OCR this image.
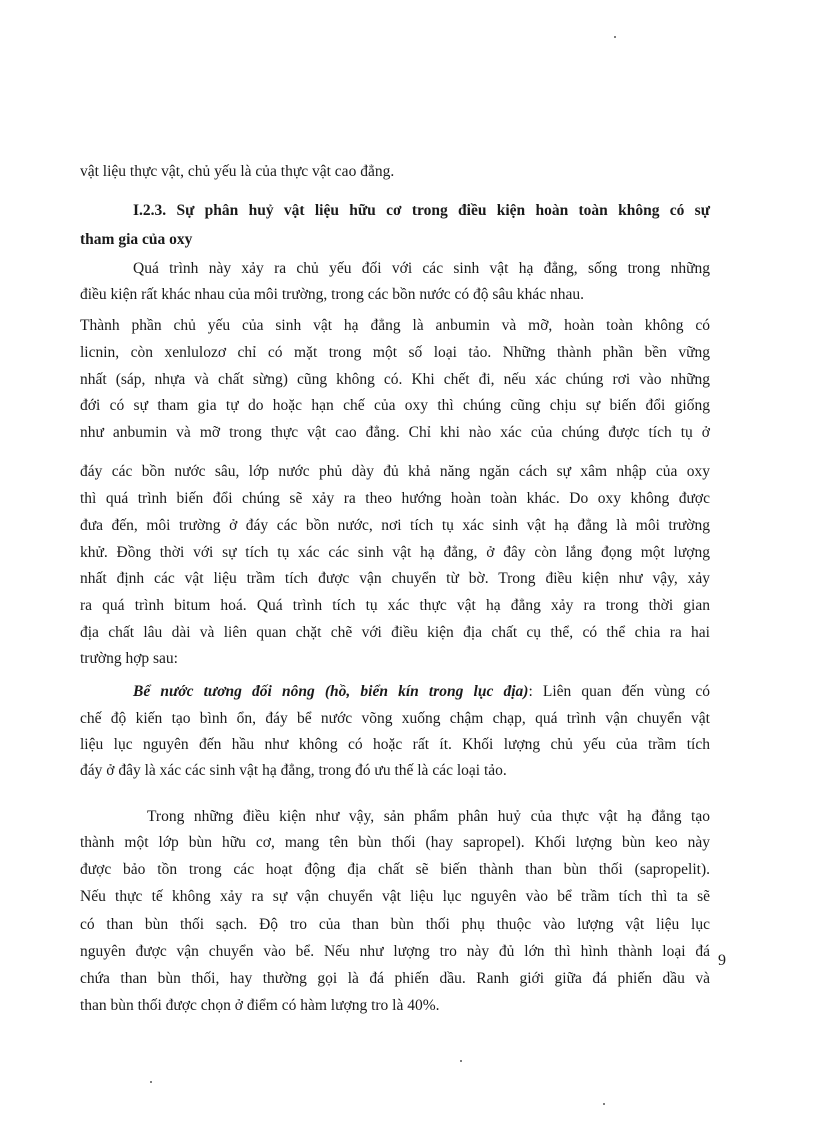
vật liệu thực vật, chủ yếu là của thực vật cao đẳng.

I.2.3. Sự phân huỷ vật liệu hữu cơ trong điều kiện hoàn toàn không có sự

tham gia của oxy

Quá trình này xảy ra chủ yếu đối với các sinh vật hạ đẳng, sống trong những

điều kiện rất khác nhau của môi trường, trong các bồn nước có độ sâu khác nhau.

Thành phần chủ yếu của sinh vật hạ đẳng là anbumin và mỡ, hoàn toàn không có

licnin, còn xenlulozơ chỉ có mặt trong một số loại tảo. Những thành phần bền vững

nhất (sáp, nhựa và chất sừng) cũng không có. Khi chết đi, nếu xác chúng rơi vào những

đới có sự tham gia tự do hoặc hạn chế của oxy thì chúng cũng chịu sự biến đổi giống

như anbumin và mỡ trong thực vật cao đẳng. Chỉ khi nào xác của chúng được tích tụ ở

đáy các bồn nước sâu, lớp nước phủ dày đủ khả năng ngăn cách sự xâm nhập của oxy

thì quá trình biến đổi chúng sẽ xảy ra theo hướng hoàn toàn khác. Do oxy không được

đưa đến, môi trường ở đáy các bồn nước, nơi tích tụ xác sinh vật hạ đẳng là môi trường

khử. Đồng thời với sự tích tụ xác các sinh vật hạ đẳng, ở đây còn lắng đọng một lượng

nhất định các vật liệu trầm tích được vận chuyển từ bờ. Trong điều kiện như vậy, xảy

ra quá trình bitum hoá. Quá trình tích tụ xác thực vật hạ đẳng xảy ra trong thời gian

địa chất lâu dài và liên quan chặt chẽ với điều kiện địa chất cụ thể, có thể chia ra hai

trường hợp sau:

Bể nước tương đối nông (hồ, biển kín trong lục địa): Liên quan đến vùng có

chế độ kiến tạo bình ổn, đáy bể nước võng xuống chậm chạp, quá trình vận chuyển vật

liệu lục nguyên đến hầu như không có hoặc rất ít. Khối lượng chủ yếu của trầm tích

đáy ở đây là xác các sinh vật hạ đẳng, trong đó ưu thế là các loại tảo.

Trong những điều kiện như vậy, sản phẩm phân huỷ của thực vật hạ đẳng tạo

thành một lớp bùn hữu cơ, mang tên bùn thối (hay sapropel). Khối lượng bùn keo này

được bảo tồn trong các hoạt động địa chất sẽ biến thành than bùn thối (sapropelit).

Nếu thực tế không xảy ra sự vận chuyển vật liệu lục nguyên vào bể trầm tích thì ta sẽ

có than bùn thối sạch. Độ tro của than bùn thối phụ thuộc vào lượng vật liệu lục

nguyên được vận chuyển vào bể. Nếu như lượng tro này đủ lớn thì hình thành loại đá

chứa than bùn thối, hay thường gọi là đá phiến dầu. Ranh giới giữa đá phiến dầu và

than bùn thối được chọn ở điểm có hàm lượng tro là 40%.

9
